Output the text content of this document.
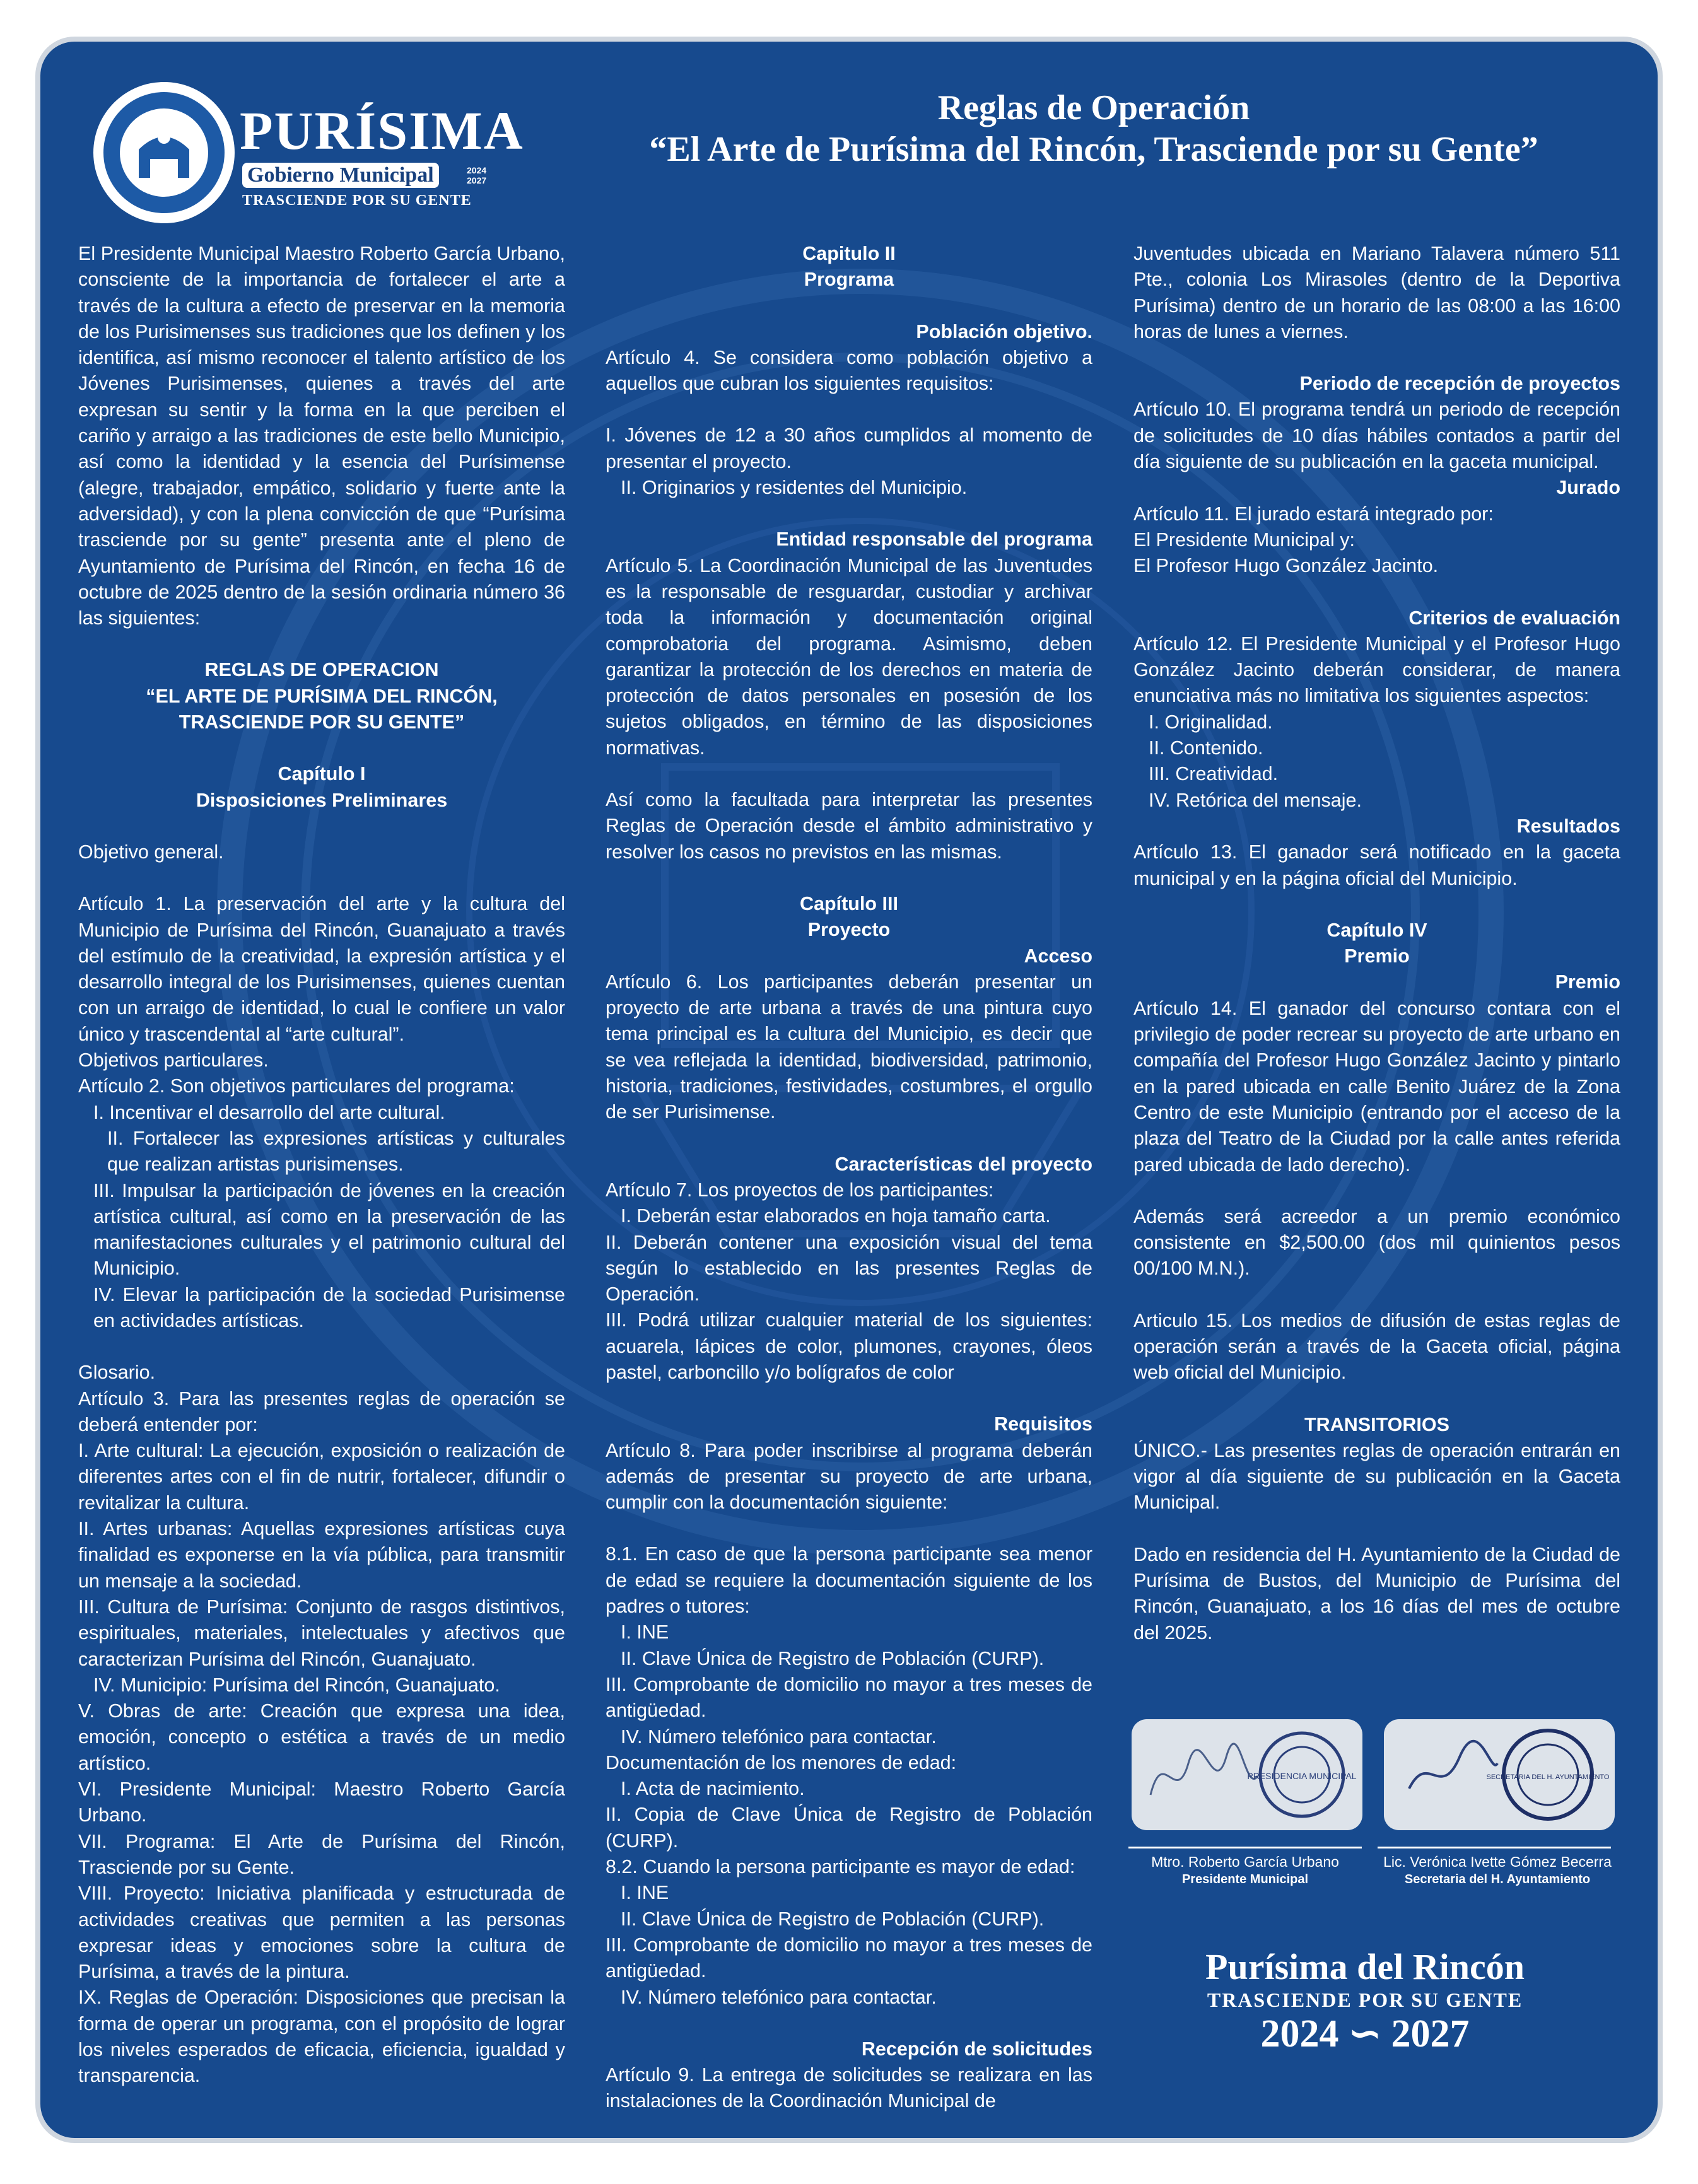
PURÍSIMA
Gobierno Municipal	2024 2027
TRASCIENDE POR SU GENTE
Reglas de Operación
“El Arte de Purísima del Rincón, Trasciende por su Gente”

El Presidente Municipal Maestro Roberto García Urbano, consciente de la importancia de fortalecer el arte a través de la cultura a efecto de preservar en la memoria de los Purisimenses sus tradiciones que los definen y los identifica, así mismo reconocer el talento artístico de los Jóvenes Purisimenses, quienes a través del arte expresan su sentir y la forma en la que perciben el cariño y arraigo a las tradiciones de este bello Municipio, así como la identidad y la esencia del Purísimense (alegre, trabajador, empático, solidario y fuerte ante la adversidad), y con la plena convicción de que “Purísima trasciende por su gente” presenta ante el pleno de Ayuntamiento de Purísima del Rincón, en fecha 16 de octubre de 2025 dentro de la sesión ordinaria número 36 las siguientes:

REGLAS DE OPERACION

“EL ARTE DE PURÍSIMA DEL RINCÓN,

TRASCIENDE POR SU GENTE”

Capítulo I

Disposiciones Preliminares

Objetivo general.

Artículo 1. La preservación del arte y la cultura del Municipio de Purísima del Rincón, Guanajuato a través del estímulo de la creatividad, la expresión artística y el desarrollo integral de los Purisimenses, quienes cuentan con un arraigo de identidad, lo cual le confiere un valor único y trascendental al “arte cultural”.

Objetivos particulares.

Artículo 2. Son objetivos particulares del programa:

I. Incentivar el desarrollo del arte cultural.

II. Fortalecer las expresiones artísticas y culturales que realizan artistas purisimenses.

III. Impulsar la participación de jóvenes en la creación artística cultural, así como en la preservación de las manifestaciones culturales y el patrimonio cultural del Municipio.

IV. Elevar la participación de la sociedad Purisimense en actividades artísticas.

Glosario.

Artículo 3. Para las presentes reglas de operación se deberá entender por:

I. Arte cultural: La ejecución, exposición o realización de diferentes artes con el fin de nutrir, fortalecer, difundir o revitalizar la cultura.

II. Artes urbanas: Aquellas expresiones artísticas cuya finalidad es exponerse en la vía pública, para transmitir un mensaje a la sociedad.

III. Cultura de Purísima: Conjunto de rasgos distintivos, espirituales, materiales, intelectuales y afectivos que caracterizan Purísima del Rincón, Guanajuato.

IV. Municipio: Purísima del Rincón, Guanajuato.

V. Obras de arte: Creación que expresa una idea, emoción, concepto o estética a través de un medio artístico.

VI. Presidente Municipal: Maestro Roberto García Urbano.

VII. Programa: El Arte de Purísima del Rincón, Trasciende por su Gente.

VIII. Proyecto: Iniciativa planificada y estructurada de actividades creativas que permiten a las personas expresar ideas y emociones sobre la cultura de Purísima, a través de la pintura.

IX. Reglas de Operación: Disposiciones que precisan la forma de operar un programa, con el propósito de lograr los niveles esperados de eficacia, eficiencia, igualdad y transparencia.

Capitulo II

Programa

Población objetivo.

Artículo 4. Se considera como población objetivo a aquellos que cubran los siguientes requisitos:

I. Jóvenes de 12 a 30 años cumplidos al momento de presentar el proyecto.

II. Originarios y residentes del Municipio.

Entidad responsable del programa

Artículo 5. La Coordinación Municipal de las Juventudes es la responsable de resguardar, custodiar y archivar toda la información y documentación original comprobatoria del programa. Asimismo, deben garantizar la protección de los derechos en materia de protección de datos personales en posesión de los sujetos obligados, en término de las disposiciones normativas.

Así como la facultada para interpretar las presentes Reglas de Operación desde el ámbito administrativo y resolver los casos no previstos en las mismas.

Capítulo III

Proyecto

Acceso

Artículo 6. Los participantes deberán presentar un proyecto de arte urbana a través de una pintura cuyo tema principal es la cultura del Municipio, es decir que se vea reflejada la identidad, biodiversidad, patrimonio, historia, tradiciones, festividades, costumbres, el orgullo de ser Purisimense.

Características del proyecto

Artículo 7. Los proyectos de los participantes:

I. Deberán estar elaborados en hoja tamaño carta.

II. Deberán contener una exposición visual del tema según lo establecido en las presentes Reglas de Operación.

III. Podrá utilizar cualquier material de los siguientes: acuarela, lápices de color, plumones, crayones, óleos pastel, carboncillo y/o bolígrafos de color

Requisitos

Artículo 8. Para poder inscribirse al programa deberán además de presentar su proyecto de arte urbana, cumplir con la documentación siguiente:

8.1. En caso de que la persona participante sea menor de edad se requiere la documentación siguiente de los padres o tutores:

I. INE

II. Clave Única de Registro de Población (CURP).

III. Comprobante de domicilio no mayor a tres meses de antigüedad.

IV. Número telefónico para contactar.

Documentación de los menores de edad:

I. Acta de nacimiento.

II. Copia de Clave Única de Registro de Población (CURP).

8.2. Cuando la persona participante es mayor de edad:

I. INE

II. Clave Única de Registro de Población (CURP).

III. Comprobante de domicilio no mayor a tres meses de antigüedad.

IV. Número telefónico para contactar.

Recepción de solicitudes

Artículo 9. La entrega de solicitudes se realizara en las instalaciones de la Coordinación Municipal de

Juventudes ubicada en Mariano Talavera número 511 Pte., colonia Los Mirasoles (dentro de la Deportiva Purísima) dentro de un horario de las 08:00 a las 16:00 horas de lunes a viernes.

Periodo de recepción de proyectos

Artículo 10. El programa tendrá un periodo de recepción de solicitudes de 10 días hábiles contados a partir del día siguiente de su publicación en la gaceta municipal.

Jurado

Artículo 11. El jurado estará integrado por:

El Presidente Municipal y:

El Profesor Hugo González Jacinto.

Criterios de evaluación

Artículo 12. El Presidente Municipal y el Profesor Hugo González Jacinto deberán considerar, de manera enunciativa más no limitativa los siguientes aspectos:

I. Originalidad.

II. Contenido.

III. Creatividad.

IV. Retórica del mensaje.

Resultados

Artículo 13. El ganador será notificado en la gaceta municipal y en la página oficial del Municipio.

Capítulo IV

Premio

Premio

Artículo 14. El ganador del concurso contara con el privilegio de poder recrear su proyecto de arte urbano en compañía del Profesor Hugo González Jacinto y pintarlo en la pared ubicada en calle Benito Juárez de la Zona Centro de este Municipio (entrando por el acceso de la plaza del Teatro de la Ciudad por la calle antes referida pared ubicada de lado derecho).

Además será acreedor a un premio económico consistente en $2,500.00 (dos mil quinientos pesos 00/100 M.N.).

Articulo 15. Los medios de difusión de estas reglas de operación serán a través de la Gaceta oficial, página web oficial del Municipio.

TRANSITORIOS

ÚNICO.- Las presentes reglas de operación entrarán en vigor al día siguiente de su publicación en la Gaceta Municipal.

Dado en residencia del H. Ayuntamiento de la Ciudad de Purísima de Bustos, del Municipio de Purísima del Rincón, Guanajuato, a los 16 días del mes de octubre del 2025.

PRESIDENCIA MUNICIPAL	SECRETARIA DEL H. AYUNTAMIENTO
Mtro. Roberto García Urbano
Presidente Municipal
Lic. Verónica Ivette Gómez Becerra
Secretaria del H. Ayuntamiento
Purísima del Rincón
TRASCIENDE POR SU GENTE
2024 ∽ 2027
